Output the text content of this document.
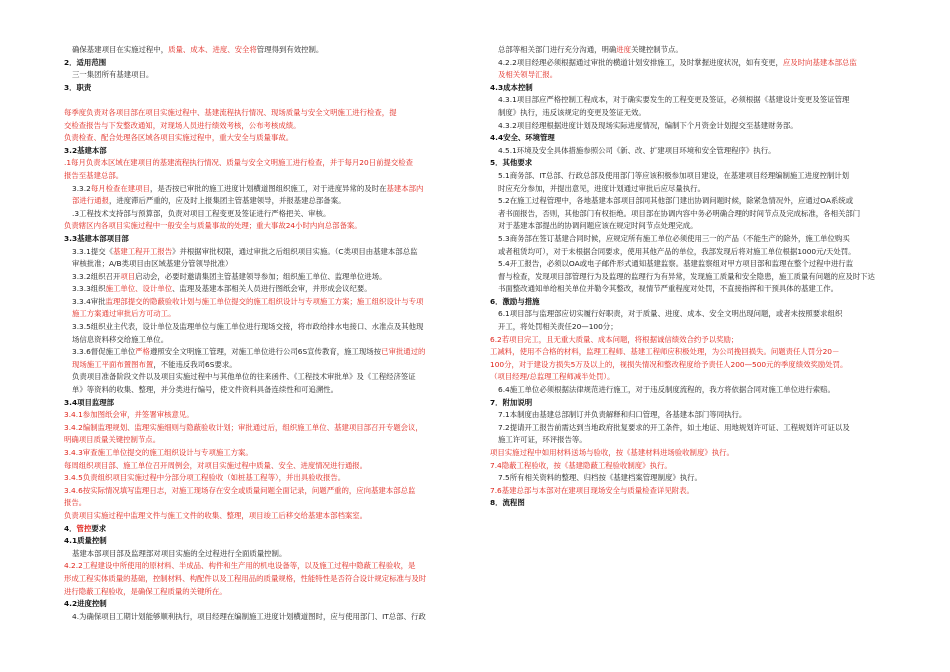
确保基建项目在实施过程中，质量、成本、进度、安全将管理得到有效控制。
2．适用范围
三一集团所有基建项目。
3．职责
每季度负责对各项目部在项目实施过程中、基建流程执行情况、现场质量与安全文明施工进行检查，提
交检查报告与下发整改通知，对现场人员进行绩效考核，公布考核成绩。
负责检查、配合处理各区域各项目实施过程中，重大安全与质量事故。
3.2基建本部
.1每月负责本区域在建项目的基建流程执行情况、质量与安全文明施工进行检查，并于每月20日前提交检查
报告至基建总部。
3.3.2每月检查在建项目，是否按已审批的施工进度计划横道图组织施工，对于进度异常的及时在基建本部内
部进行通报，进度滞后严重的，应及时上报集团主管基建领导，并报基建总部备案。
.3工程技术支持部与预算部，负责对项目工程变更及签证进行严格把关、审核。
负责辖区内各项目实施过程中一般安全与质量事故的处理；重大事故24小时内向总部备案。
3.3基建本部项目部
3.3.1提交《基建工程开工报告》并根据审批权限，通过审批之后组织项目实施。（C类项目由基建本部总监
审核批准；A/B类项目由区域基建分管领导批准）
3.3.2组织召开项目启动会，必要时邀请集团主管基建领导参加；组织施工单位、监理单位进场。
3.3.3组织施工单位、设计单位、监理及基建本部相关人员进行图纸会审，并形成会议纪要。
3.3.4审批监理部提交的隐蔽验收计划与施工单位提交的施工组织设计与专项施工方案；施工组织设计与专项
施工方案通过审批后方可动工。
3.3.5组织业主代表，设计单位及监理单位与施工单位进行现场交接，将市政给排水电接口、水准点及其他现
场信息资料移交给施工单位。
3.3.6督促施工单位严格遵照安全文明施工管理，对施工单位进行公司6S宣传教育，施工现场按已审批通过的
现场施工平面布置图布置，不能违反我司6S要求。
负责项目准备阶段文件以及项目实施过程中与其他单位的往来函件、《工程技术审批单》及《工程经济签证
单》等资料的收集、整理，并分类进行编号，使文件资料具备连续性和可追溯性。
3.4项目监理部
3.4.1参加图纸会审，并签署审核意见。
3.4.2编制监理规划、监理实施细则与隐蔽验收计划；审批通过后，组织施工单位、基建项目部召开专题会议，
明确项目质量关键控制节点。
3.4.3审查施工单位提交的施工组织设计与专项施工方案。
每周组织项目部、施工单位召开周例会，对项目实施过程中质量、安全、进度情况进行通报。
3.4.5负责组织项目实施过程中分部分项工程验收（如桩基工程等），并出具验收报告。
3.4.6按实际情况填写监理日志，对施工现场存在安全或质量问题全面记录，问题严重的，应向基建本部总监
报告。
负责项目实施过程中监理文件与施工文件的收集、整理，项目竣工后移交给基建本部档案室。
4．管控要求
4.1质量控制
基建本部项目部及监理部对项目实施的全过程进行全面质量控制。
4.2.2工程建设中所使用的原材料、半成品、构件和生产用的机电设备等，以及施工过程中隐蔽工程验收，是
形成工程实体质量的基础，控制材料、构配件以及工程用品的质量规格，性能特性是否符合设计规定标准与及时
进行隐蔽工程验收，是确保工程质量的关键所在。
4.2进度控制
4.为确保项目工期计划能够顺利执行，项目经理在编制施工进度计划横道图时，应与使用部门、IT总部、行政
总部等相关部门进行充分沟通，明确进度关键控制节点。
4.2.2项目经理必须根据通过审批的横道计划安排施工，及时掌握进度状况，如有变更，应及时向基建本部总监
及相关领导汇报。
4.3成本控制
4.3.1项目部应严格控制工程成本，对于确实要发生的工程变更及签证，必须根据《基建设计变更及签证管理
制度》执行，违反该规定的变更及签证无效。
4.3.2项目经理根据进度计划及现场实际进度情况，编制下个月资金计划提交至基建财务部。
4.4安全、环境管理
4.5.1环境及安全具体措施参照公司《新、改、扩建项目环境和安全管理程序》执行。
5．其他要求
5.1商务部、IT总部、行政总部及使用部门等应该积极参加项目建设，在基建项目经理编制施工进度控制计划
时应充分参加，并提出意见，进度计划通过审批后应尽量执行。
5.2在施工过程管理中，各地基建本部项目部同其他部门建出协调问题时候，除紧急情况外，应通过OA系统或
者书面报告，否则，其他部门有权拒绝。项目部在协调内容中务必明确合理的时间节点及完成标准，各相关部门
对于基建本部提出的协调问题应该在规定时间节点处理完成。
5.3商务部在签订基建合同时候，应规定所有施工单位必须使用三一的产品（不能生产的除外，施工单位购买
或者租赁均可），对于未根据合同要求，使用其他产品的单位，我部发现后将对施工单位根据1000元/天处罚。
5.4开工报告，必须以OA或电子邮件形式通知基建监察。基建监察组对甲方项目部和监理在整个过程中进行监
督与检查，发现项目部管理行为及监理的监理行为有异常，发现施工质量和安全隐患，施工质量有问题的应及时下达
书面整改通知单给相关单位并勒令其整改，视情节严重程度对处罚，不直接指挥和干预具体的基建工作。
6．激励与措施
6.1项目部与监理部应切实履行好职责，对于质量、进度、成本、安全文明出现问题，或者未按照要求组织
开工，将处罚相关责任20—100分；
6.2若项目完工，且无重大质量、成本问题，将根据诚信绩效合约予以奖励；
工减料，使用不合格的材料，监理工程师、基建工程师应积极处理，为公司挽回损失。问题责任人罚分20－
100分，对于建设方损失5万及以上的，视损失情况和整改程度给予责任人200—500元的季度绩效奖励处罚。
（项目经理/总监理工程师减半处罚）。
6.4施工单位必须根据法律规范进行施工，对于违反制度流程的，我方将依据合同对施工单位进行索赔。
7．附加说明
7.1本制度由基建总部制订并负责解释和归口管理，各基建本部门等同执行。
7.2提请开工报告前需达到当地政府批复要求的开工条件，如土地证、用地规划许可证、工程规划许可证以及
施工许可证，环评报告等。
项目实施过程中如用材料送场与验收，按《基建材料进场验收制度》执行。
7.4隐蔽工程验收，按《基建隐蔽工程验收制度》执行。
7.5所有相关资料的整理、归档按《基建档案管理制度》执行。
7.6基建总部与本部对在建项目现场安全与质量检查详见附表。
8．流程图
